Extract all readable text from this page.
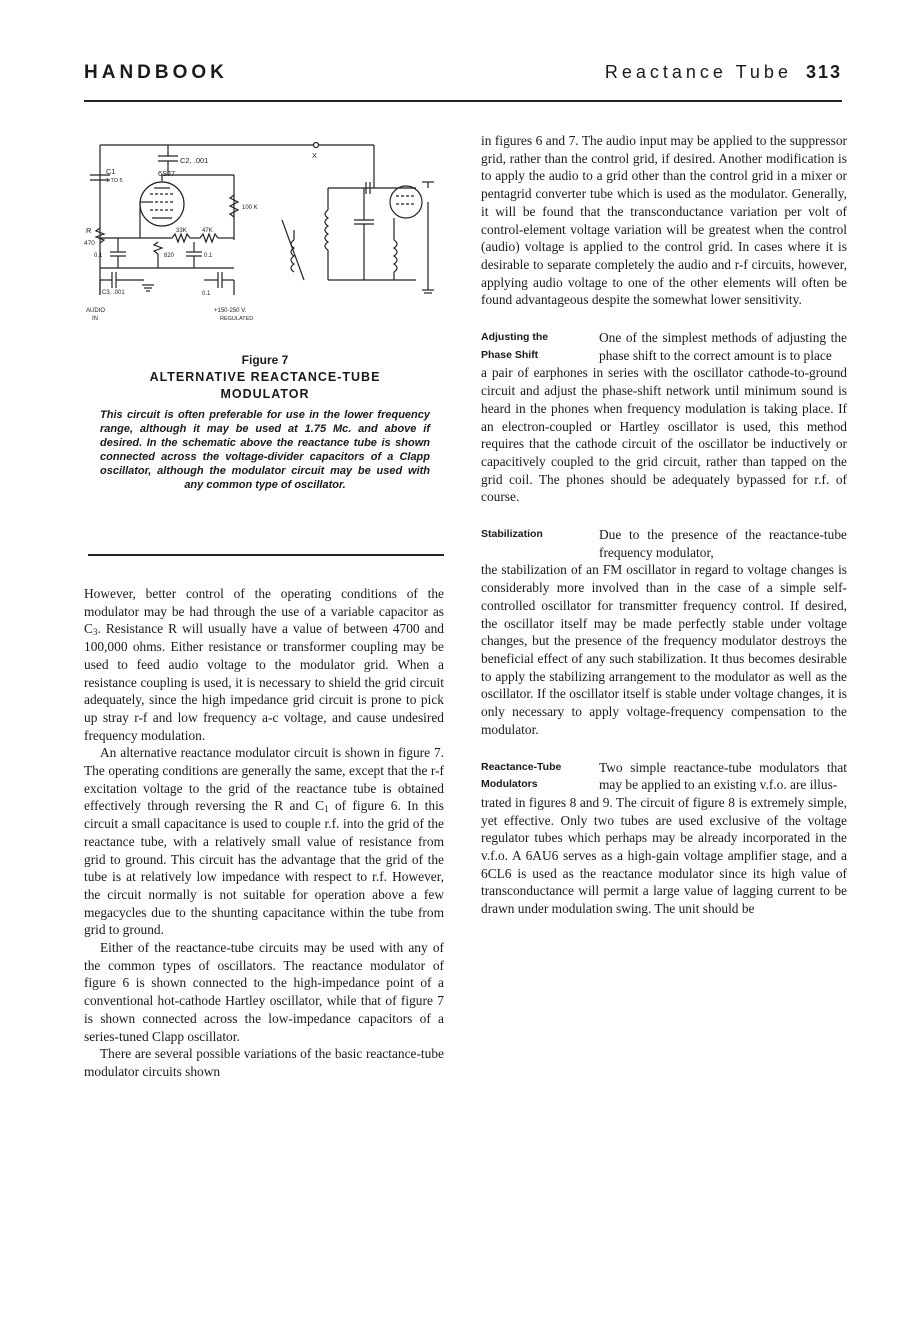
HANDBOOK	Reactance Tube 313
C2, .001
X
C1
1 TO 5
6SJ7
100 K
33K	47K
R
470
0.1	820	0.1
C3, .001	0.1
AUDIO
IN
+150-250 V.
REGULATED
Figure 7
ALTERNATIVE REACTANCE-TUBE
MODULATOR
This circuit is often preferable for use in the lower frequency range, although it may be used at 1.75 Mc. and above if desired. In the schematic above the reactance tube is shown connected across the voltage-divider capacitors of a Clapp oscillator, although the modulator circuit may be used with any common type of oscillator.

However, better control of the operating conditions of the modulator may be had through the use of a variable capacitor as $C_3$. Resistance R will usually have a value of between 4700 and 100,000 ohms. Either resistance or transformer coupling may be used to feed audio voltage to the modulator grid. When a resistance coupling is used, it is necessary to shield the grid circuit adequately, since the high impedance grid circuit is prone to pick up stray r-f and low frequency a-c voltage, and cause undesired frequency modulation.

An alternative reactance modulator circuit is shown in figure 7. The operating conditions are generally the same, except that the r-f excitation voltage to the grid of the reactance tube is obtained effectively through reversing the R and $C_1$ of figure 6. In this circuit a small capacitance is used to couple r.f. into the grid of the reactance tube, with a relatively small value of resistance from grid to ground. This circuit has the advantage that the grid of the tube is at relatively low impedance with respect to r.f. However, the circuit normally is not suitable for operation above a few megacycles due to the shunting capacitance within the tube from grid to ground.

Either of the reactance-tube circuits may be used with any of the common types of oscillators. The reactance modulator of figure 6 is shown connected to the high-impedance point of a conventional hot-cathode Hartley oscillator, while that of figure 7 is shown connected across the low-impedance capacitors of a series-tuned Clapp oscillator.

There are several possible variations of the basic reactance-tube modulator circuits shown

in figures 6 and 7. The audio input may be applied to the suppressor grid, rather than the control grid, if desired. Another modification is to apply the audio to a grid other than the control grid in a mixer or pentagrid converter tube which is used as the modulator. Generally, it will be found that the transconductance variation per volt of control-element voltage variation will be greatest when the control (audio) voltage is applied to the control grid. In cases where it is desirable to separate completely the audio and r-f circuits, however, applying audio voltage to one of the other elements will often be found advantageous despite the somewhat lower sensitivity.

Adjusting the
Phase Shift
One of the simplest methods of adjusting the phase shift to the correct amount is to place

a pair of earphones in series with the oscillator cathode-to-ground circuit and adjust the phase-shift network until minimum sound is heard in the phones when frequency modulation is taking place. If an electron-coupled or Hartley oscillator is used, this method requires that the cathode circuit of the oscillator be inductively or capacitively coupled to the grid circuit, rather than tapped on the grid coil. The phones should be adequately bypassed for r.f. of course.

Stabilization	Due to the presence of the reactance-tube frequency modulator,

the stabilization of an FM oscillator in regard to voltage changes is considerably more involved than in the case of a simple self-controlled oscillator for transmitter frequency control. If desired, the oscillator itself may be made perfectly stable under voltage changes, but the presence of the frequency modulator destroys the beneficial effect of any such stabilization. It thus becomes desirable to apply the stabilizing arrangement to the modulator as well as the oscillator. If the oscillator itself is stable under voltage changes, it is only necessary to apply voltage-frequency compensation to the modulator.

Reactance-Tube
Modulators
Two simple reactance-tube modulators that may be applied to an existing v.f.o. are illus-

trated in figures 8 and 9. The circuit of figure 8 is extremely simple, yet effective. Only two tubes are used exclusive of the voltage regulator tubes which perhaps may be already incorporated in the v.f.o. A 6AU6 serves as a high-gain voltage amplifier stage, and a 6CL6 is used as the reactance modulator since its high value of transconductance will permit a large value of lagging current to be drawn under modulation swing. The unit should be
